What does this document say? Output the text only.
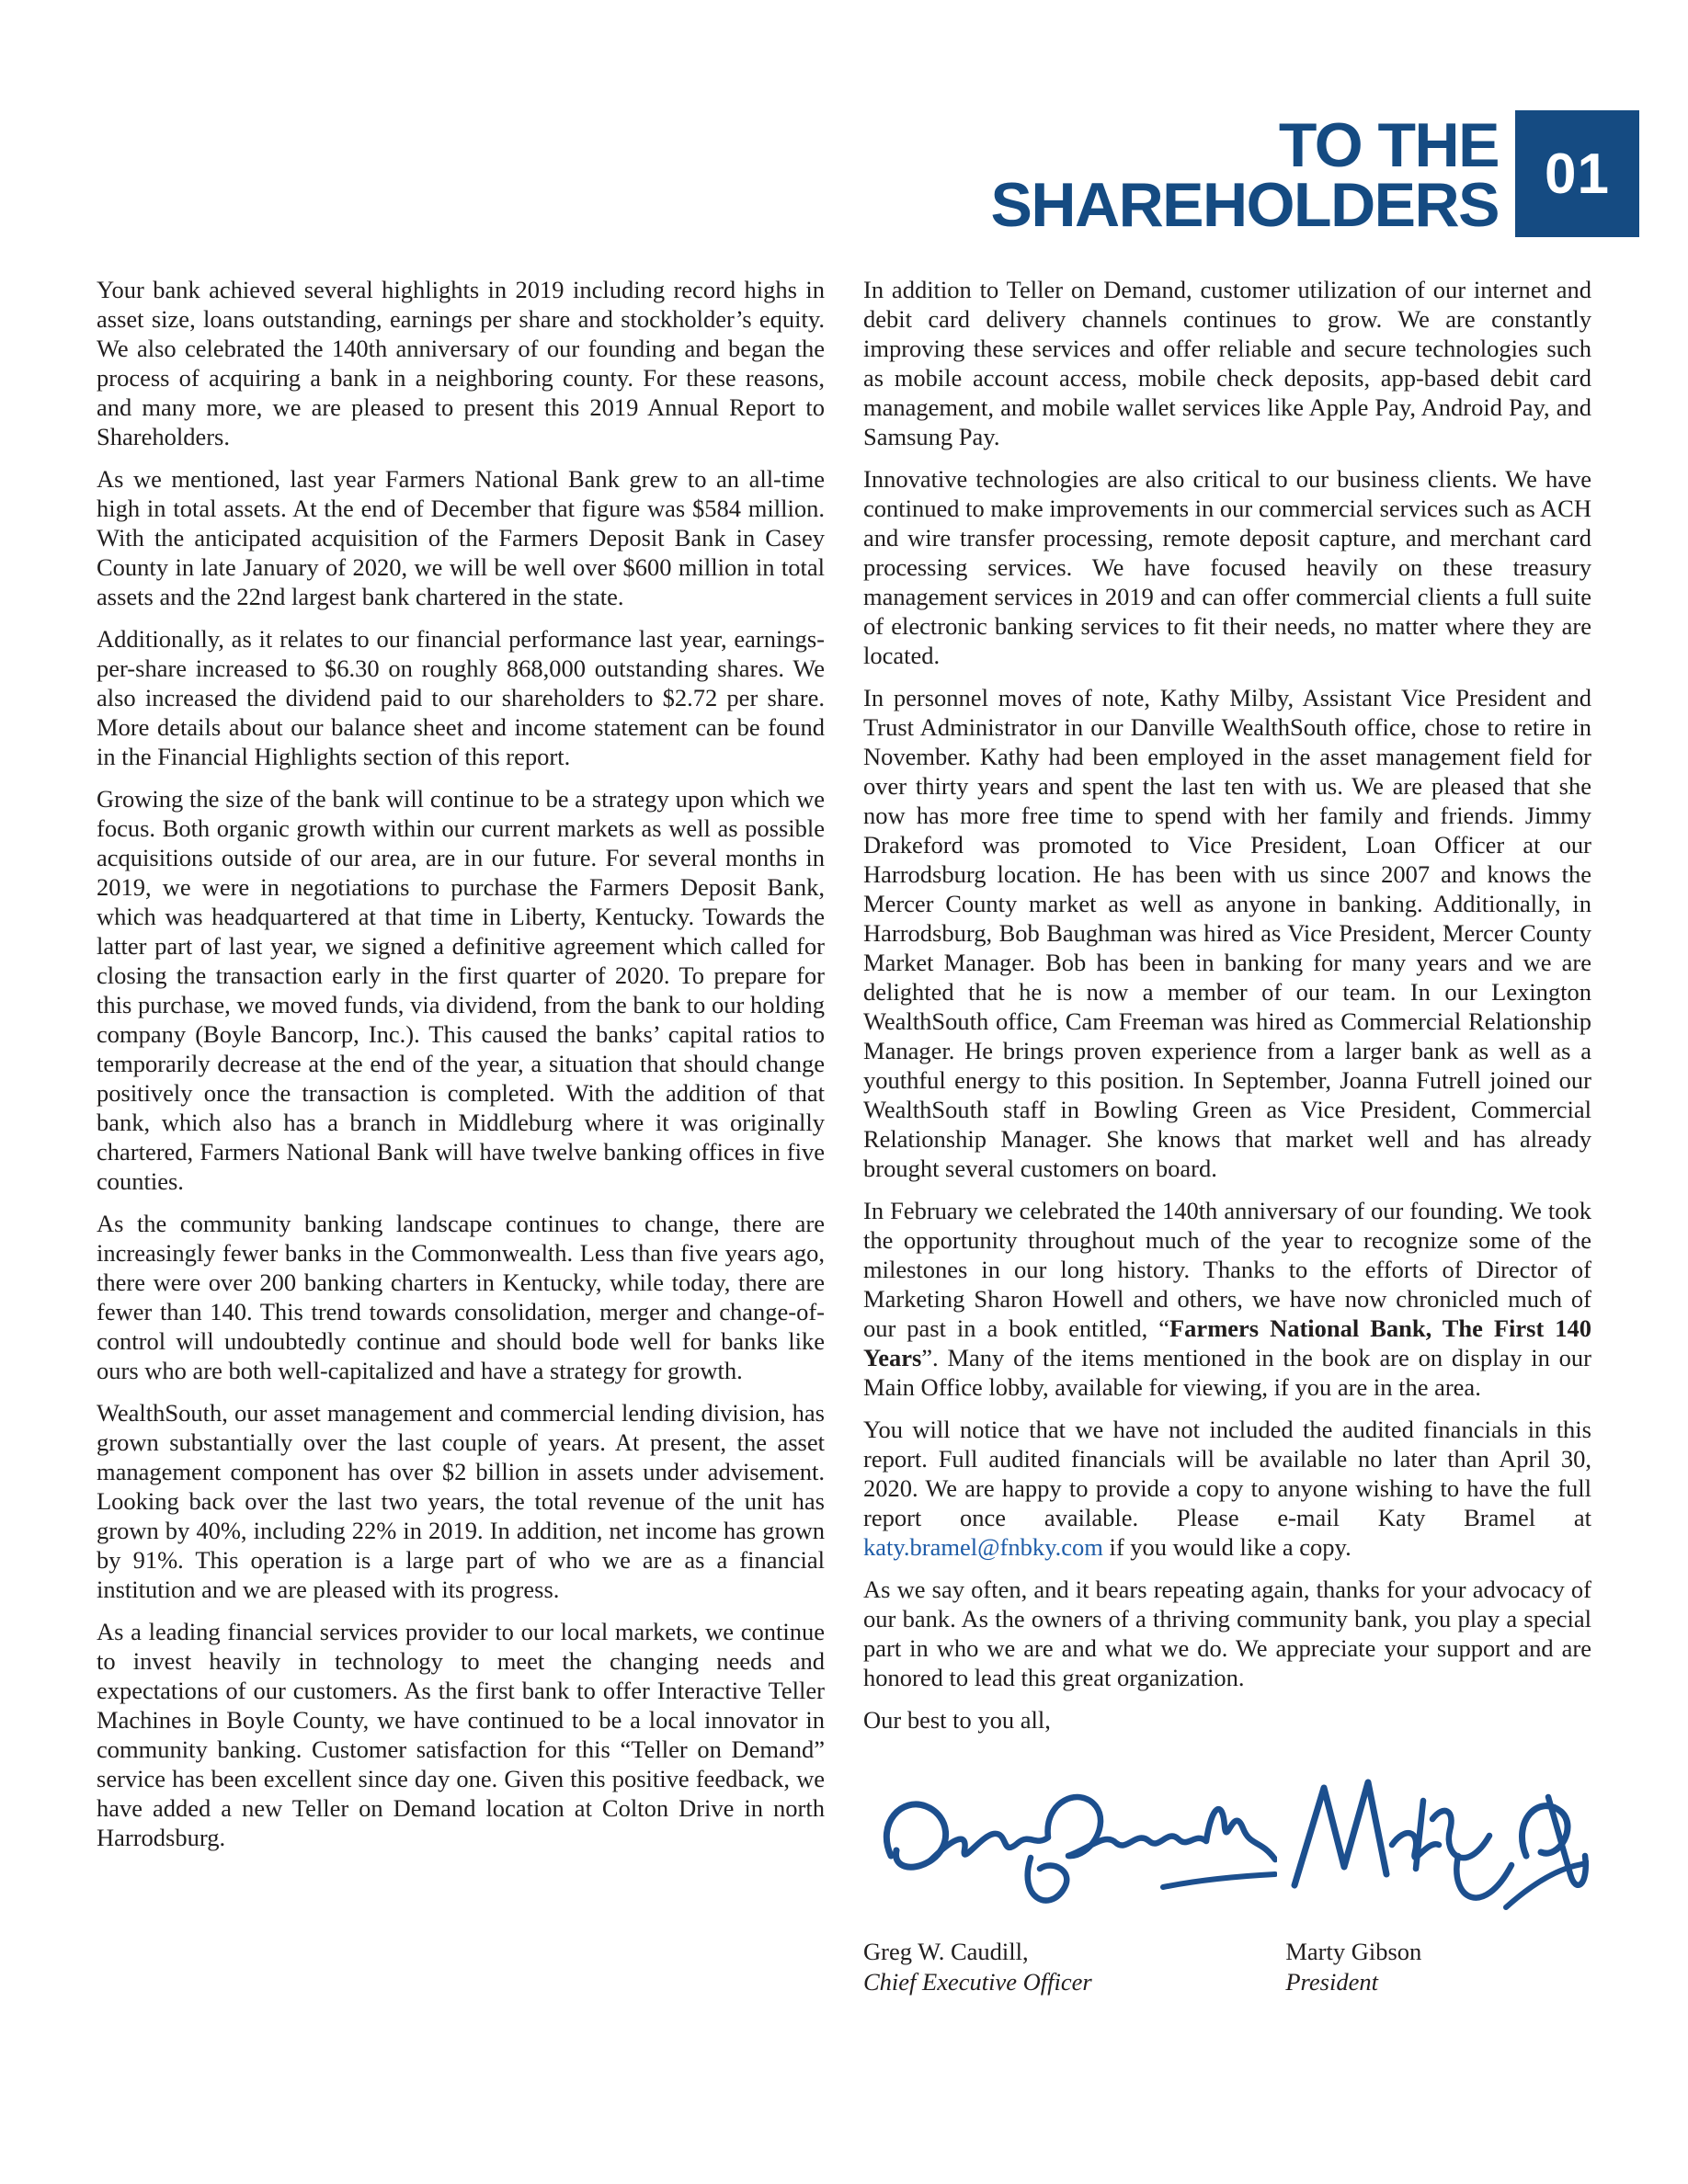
TO THE
SHAREHOLDERS 01

Your bank achieved several highlights in 2019 including record highs in asset size, loans outstanding, earnings per share and stockholder’s equity. We also celebrated the 140th anniversary of our founding and began the process of acquiring a bank in a neighboring county. For these reasons, and many more, we are pleased to present this 2019 Annual Report to Shareholders.

As we mentioned, last year Farmers National Bank grew to an all-time high in total assets. At the end of December that figure was $584 million. With the anticipated acquisition of the Farmers Deposit Bank in Casey County in late January of 2020, we will be well over $600 million in total assets and the 22nd largest bank chartered in the state.

Additionally, as it relates to our financial performance last year, earnings-per-share increased to $6.30 on roughly 868,000 outstanding shares. We also increased the dividend paid to our shareholders to $2.72 per share. More details about our balance sheet and income statement can be found in the Financial Highlights section of this report.

Growing the size of the bank will continue to be a strategy upon which we focus. Both organic growth within our current markets as well as possible acquisitions outside of our area, are in our future. For several months in 2019, we were in negotiations to purchase the Farmers Deposit Bank, which was headquartered at that time in Liberty, Kentucky. Towards the latter part of last year, we signed a definitive agreement which called for closing the transaction early in the first quarter of 2020. To prepare for this purchase, we moved funds, via dividend, from the bank to our holding company (Boyle Bancorp, Inc.). This caused the banks’ capital ratios to temporarily decrease at the end of the year, a situation that should change positively once the transaction is completed. With the addition of that bank, which also has a branch in Middleburg where it was originally chartered, Farmers National Bank will have twelve banking offices in five counties.

As the community banking landscape continues to change, there are increasingly fewer banks in the Commonwealth. Less than five years ago, there were over 200 banking charters in Kentucky, while today, there are fewer than 140. This trend towards consolidation, merger and change-of-control will undoubtedly continue and should bode well for banks like ours who are both well-capitalized and have a strategy for growth.

WealthSouth, our asset management and commercial lending division, has grown substantially over the last couple of years. At present, the asset management component has over $2 billion in assets under advisement. Looking back over the last two years, the total revenue of the unit has grown by 40%, including 22% in 2019. In addition, net income has grown by 91%. This operation is a large part of who we are as a financial institution and we are pleased with its progress.

As a leading financial services provider to our local markets, we continue to invest heavily in technology to meet the changing needs and expectations of our customers. As the first bank to offer Interactive Teller Machines in Boyle County, we have continued to be a local innovator in community banking. Customer satisfaction for this “Teller on Demand” service has been excellent since day one. Given this positive feedback, we have added a new Teller on Demand location at Colton Drive in north Harrodsburg.

In addition to Teller on Demand, customer utilization of our internet and debit card delivery channels continues to grow. We are constantly improving these services and offer reliable and secure technologies such as mobile account access, mobile check deposits, app-based debit card management, and mobile wallet services like Apple Pay, Android Pay, and Samsung Pay.

Innovative technologies are also critical to our business clients. We have continued to make improvements in our commercial services such as ACH and wire transfer processing, remote deposit capture, and merchant card processing services. We have focused heavily on these treasury management services in 2019 and can offer commercial clients a full suite of electronic banking services to fit their needs, no matter where they are located.

In personnel moves of note, Kathy Milby, Assistant Vice President and Trust Administrator in our Danville WealthSouth office, chose to retire in November. Kathy had been employed in the asset management field for over thirty years and spent the last ten with us. We are pleased that she now has more free time to spend with her family and friends. Jimmy Drakeford was promoted to Vice President, Loan Officer at our Harrodsburg location. He has been with us since 2007 and knows the Mercer County market as well as anyone in banking. Additionally, in Harrodsburg, Bob Baughman was hired as Vice President, Mercer County Market Manager. Bob has been in banking for many years and we are delighted that he is now a member of our team. In our Lexington WealthSouth office, Cam Freeman was hired as Commercial Relationship Manager. He brings proven experience from a larger bank as well as a youthful energy to this position. In September, Joanna Futrell joined our WealthSouth staff in Bowling Green as Vice President, Commercial Relationship Manager. She knows that market well and has already brought several customers on board.

In February we celebrated the 140th anniversary of our founding. We took the opportunity throughout much of the year to recognize some of the milestones in our long history. Thanks to the efforts of Director of Marketing Sharon Howell and others, we have now chronicled much of our past in a book entitled, “Farmers National Bank, The First 140 Years”. Many of the items mentioned in the book are on display in our Main Office lobby, available for viewing, if you are in the area.

You will notice that we have not included the audited financials in this report. Full audited financials will be available no later than April 30, 2020. We are happy to provide a copy to anyone wishing to have the full report once available. Please e-mail Katy Bramel at katy.bramel@fnbky.com if you would like a copy.

As we say often, and it bears repeating again, thanks for your advocacy of our bank. As the owners of a thriving community bank, you play a special part in who we are and what we do. We appreciate your support and are honored to lead this great organization.

Our best to you all,

Greg W. Caudill,
Chief Executive Officer
Marty Gibson
President
